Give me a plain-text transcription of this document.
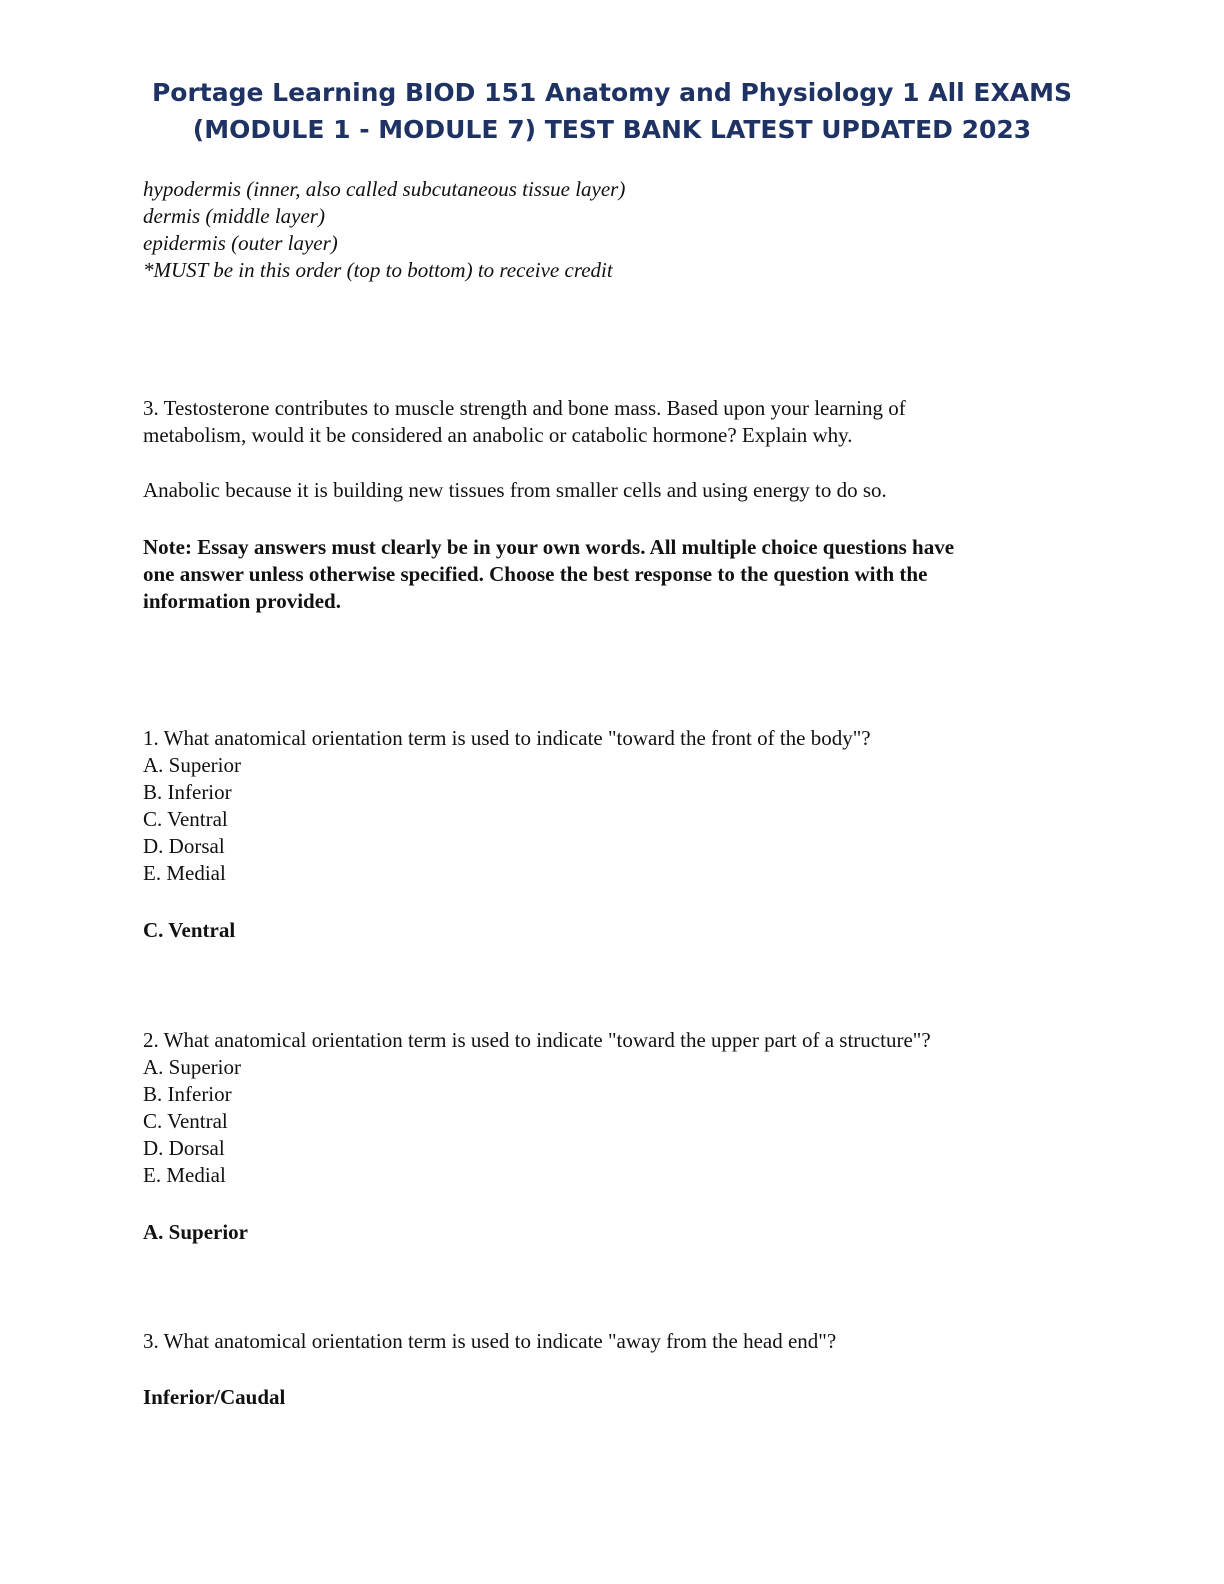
Portage Learning BIOD 151 Anatomy and Physiology 1 All EXAMS
(MODULE 1 - MODULE 7) TEST BANK LATEST UPDATED 2023
hypodermis (inner, also called subcutaneous tissue layer)
dermis (middle layer)
epidermis (outer layer)
*MUST be in this order (top to bottom) to receive credit
3. Testosterone contributes to muscle strength and bone mass. Based upon your learning of
metabolism, would it be considered an anabolic or catabolic hormone? Explain why.
Anabolic because it is building new tissues from smaller cells and using energy to do so.
Note: Essay answers must clearly be in your own words. All multiple choice questions have
one answer unless otherwise specified. Choose the best response to the question with the
information provided.
1. What anatomical orientation term is used to indicate "toward the front of the body"?
A. Superior
B. Inferior
C. Ventral
D. Dorsal
E. Medial
C. Ventral
2. What anatomical orientation term is used to indicate "toward the upper part of a structure"?
A. Superior
B. Inferior
C. Ventral
D. Dorsal
E. Medial
A. Superior
3. What anatomical orientation term is used to indicate "away from the head end"?
Inferior/Caudal
